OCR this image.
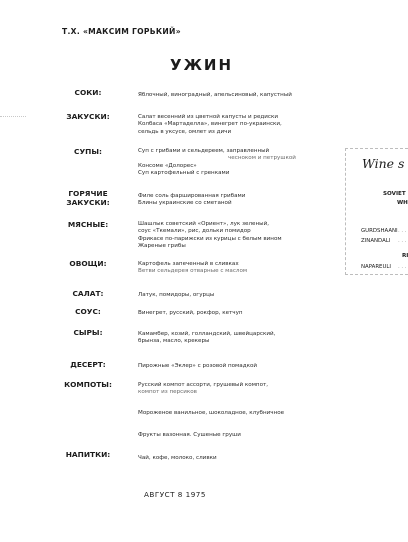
Т.Х. «МАКСИМ ГОРЬКИЙ»
УЖИН
СОКИ:
ЗАКУСКИ:
СУПЫ:
ГОРЯЧИЕ ЗАКУСКИ:
МЯСНЫЕ:
ОВОЩИ:
САЛАТ:
СОУС:
СЫРЫ:
ДЕСЕРТ:
КОМПОТЫ:
НАПИТКИ:
Яблочный, виноградный, апельсиновый, капустный
Салат весенний из цветной капусты и редиски
Колбаса «Мартаделла», винегрет по-украински,
сельдь в уксусе, омлет из дичи
Суп с грибами и сельдереем, заправленный
чесноком и петрушкой
Консоме «Долорес»
Суп картофельный с гренками
Филе соль фаршированная грибами
Блины украинские со сметаной
Шашлык советский «Ориент», лук зеленый,
соус «Ткемали», рис, дольки помидор
Фрикасе по-парижски из курицы с белым вином
Жареные грибы
Картофель запеченный в сливках
Ветви сельдерея отварные с маслом
Латук, помидоры, огурцы
Винегрет, русский, рокфор, кетчуп
Камамбер, козий, голландский, швейцарский,
брынза, масло, крекеры
Пирожные «Эклер» с розовой помадкой
Русский компот ассорти, грушевый компот,
компот из персиков
Мороженое ванильное, шоколадное, клубничное
Фрукты вазонная. Сушеные груши
Чай, кофе, молоко, сливки
АВГУСТ 8 1975
Wine s
SOVIET
WH
GURDSHAANI . . .
ZINANDALI . . .
RI
NAPAREULI . . .
